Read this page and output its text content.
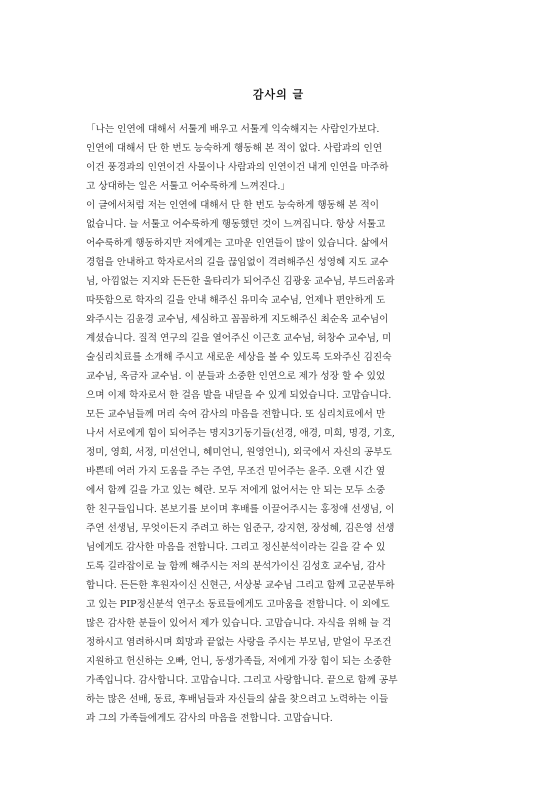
감사의 글
「나는 인연에 대해서 서툴게 배우고 서툴게 익숙해지는 사람인가보다.
인연에 대해서 단 한 번도 능숙하게 행동해 본 적이 없다. 사람과의 인연
이건 풍경과의 인연이건 사물이나 사람과의 인연이건 내게 인연을 마주하
고 상대하는 일은 서툴고 어수룩하게 느껴진다.」
이 글에서처럼 저는 인연에 대해서 단 한 번도 능숙하게 행동해 본 적이
없습니다. 늘 서툴고 어수룩하게 행동했던 것이 느껴집니다. 항상 서툴고
어수룩하게 행동하지만 저에게는 고마운 인연들이 많이 있습니다. 삶에서
경험을 안내하고 학자로서의 길을 끊임없이 격려해주신 성영혜 지도 교수
님, 아낌없는 지지와 든든한 울타리가 되어주신 김광웅 교수님, 부드러움과
따뜻함으로 학자의 길을 안내 해주신 유미숙 교수님, 언제나 편안하게 도
와주시는 김윤경 교수님, 세심하고 꼼꼼하게 지도해주신 최순옥 교수님이
계셨습니다. 질적 연구의 길을 열어주신 이근호 교수님, 허창수 교수님, 미
술심리치료를 소개해 주시고 새로운 세상을 볼 수 있도록 도와주신 김진숙
교수님, 옥금자 교수님. 이 분들과 소중한 인연으로 제가 성장 할 수 있었
으며 이제 학자로서 한 걸음 발을 내딛을 수 있게 되었습니다. 고맙습니다.
모든 교수님들께 머리 숙여 감사의 마음을 전합니다. 또 심리치료에서 만
나서 서로에게 힘이 되어주는 명지3기동기들(선경, 애경, 미희, 명경, 기호,
정미, 영희, 서정, 미선언니, 혜미언니, 원영언니), 외국에서 자신의 공부도
바쁜데 여러 가지 도움을 주는 주연, 무조건 믿어주는 윤주. 오랜 시간 옆
에서 함께 길을 가고 있는 혜란. 모두 저에게 없어서는 안 되는 모두 소중
한 친구들입니다. 본보기를 보이며 후배를 이끌어주시는 홍정애 선생님, 이
주연 선생님, 무엇이든지 주려고 하는 임준구, 강지현, 장성혜, 김은영 선생
님에게도 감사한 마음을 전합니다. 그리고 정신분석이라는 길을 갈 수 있
도록 길라잡이로 늘 함께 해주시는 저의 분석가이신 김성호 교수님, 감사
합니다. 든든한 후원자이신 신현근, 서상봉 교수님 그리고 함께 고군분투하
고 있는 PIP정신분석 연구소 동료들에게도 고마움을 전합니다. 이 외에도
많은 감사한 분들이 있어서 제가 있습니다. 고맙습니다. 자식을 위해 늘 걱
정하시고 염려하시며 희망과 끝없는 사랑을 주시는 부모님, 맏얼이 무조건
지원하고 헌신하는 오빠, 언니, 동생가족들, 저에게 가장 힘이 되는 소중한
가족입니다. 감사합니다. 고맙습니다. 그리고 사랑합니다. 끝으로 함께 공부
하는 많은 선배, 동료, 후배님들과 자신들의 삶을 찾으려고 노력하는 이들
과 그의 가족들에게도 감사의 마음을 전합니다. 고맙습니다.
